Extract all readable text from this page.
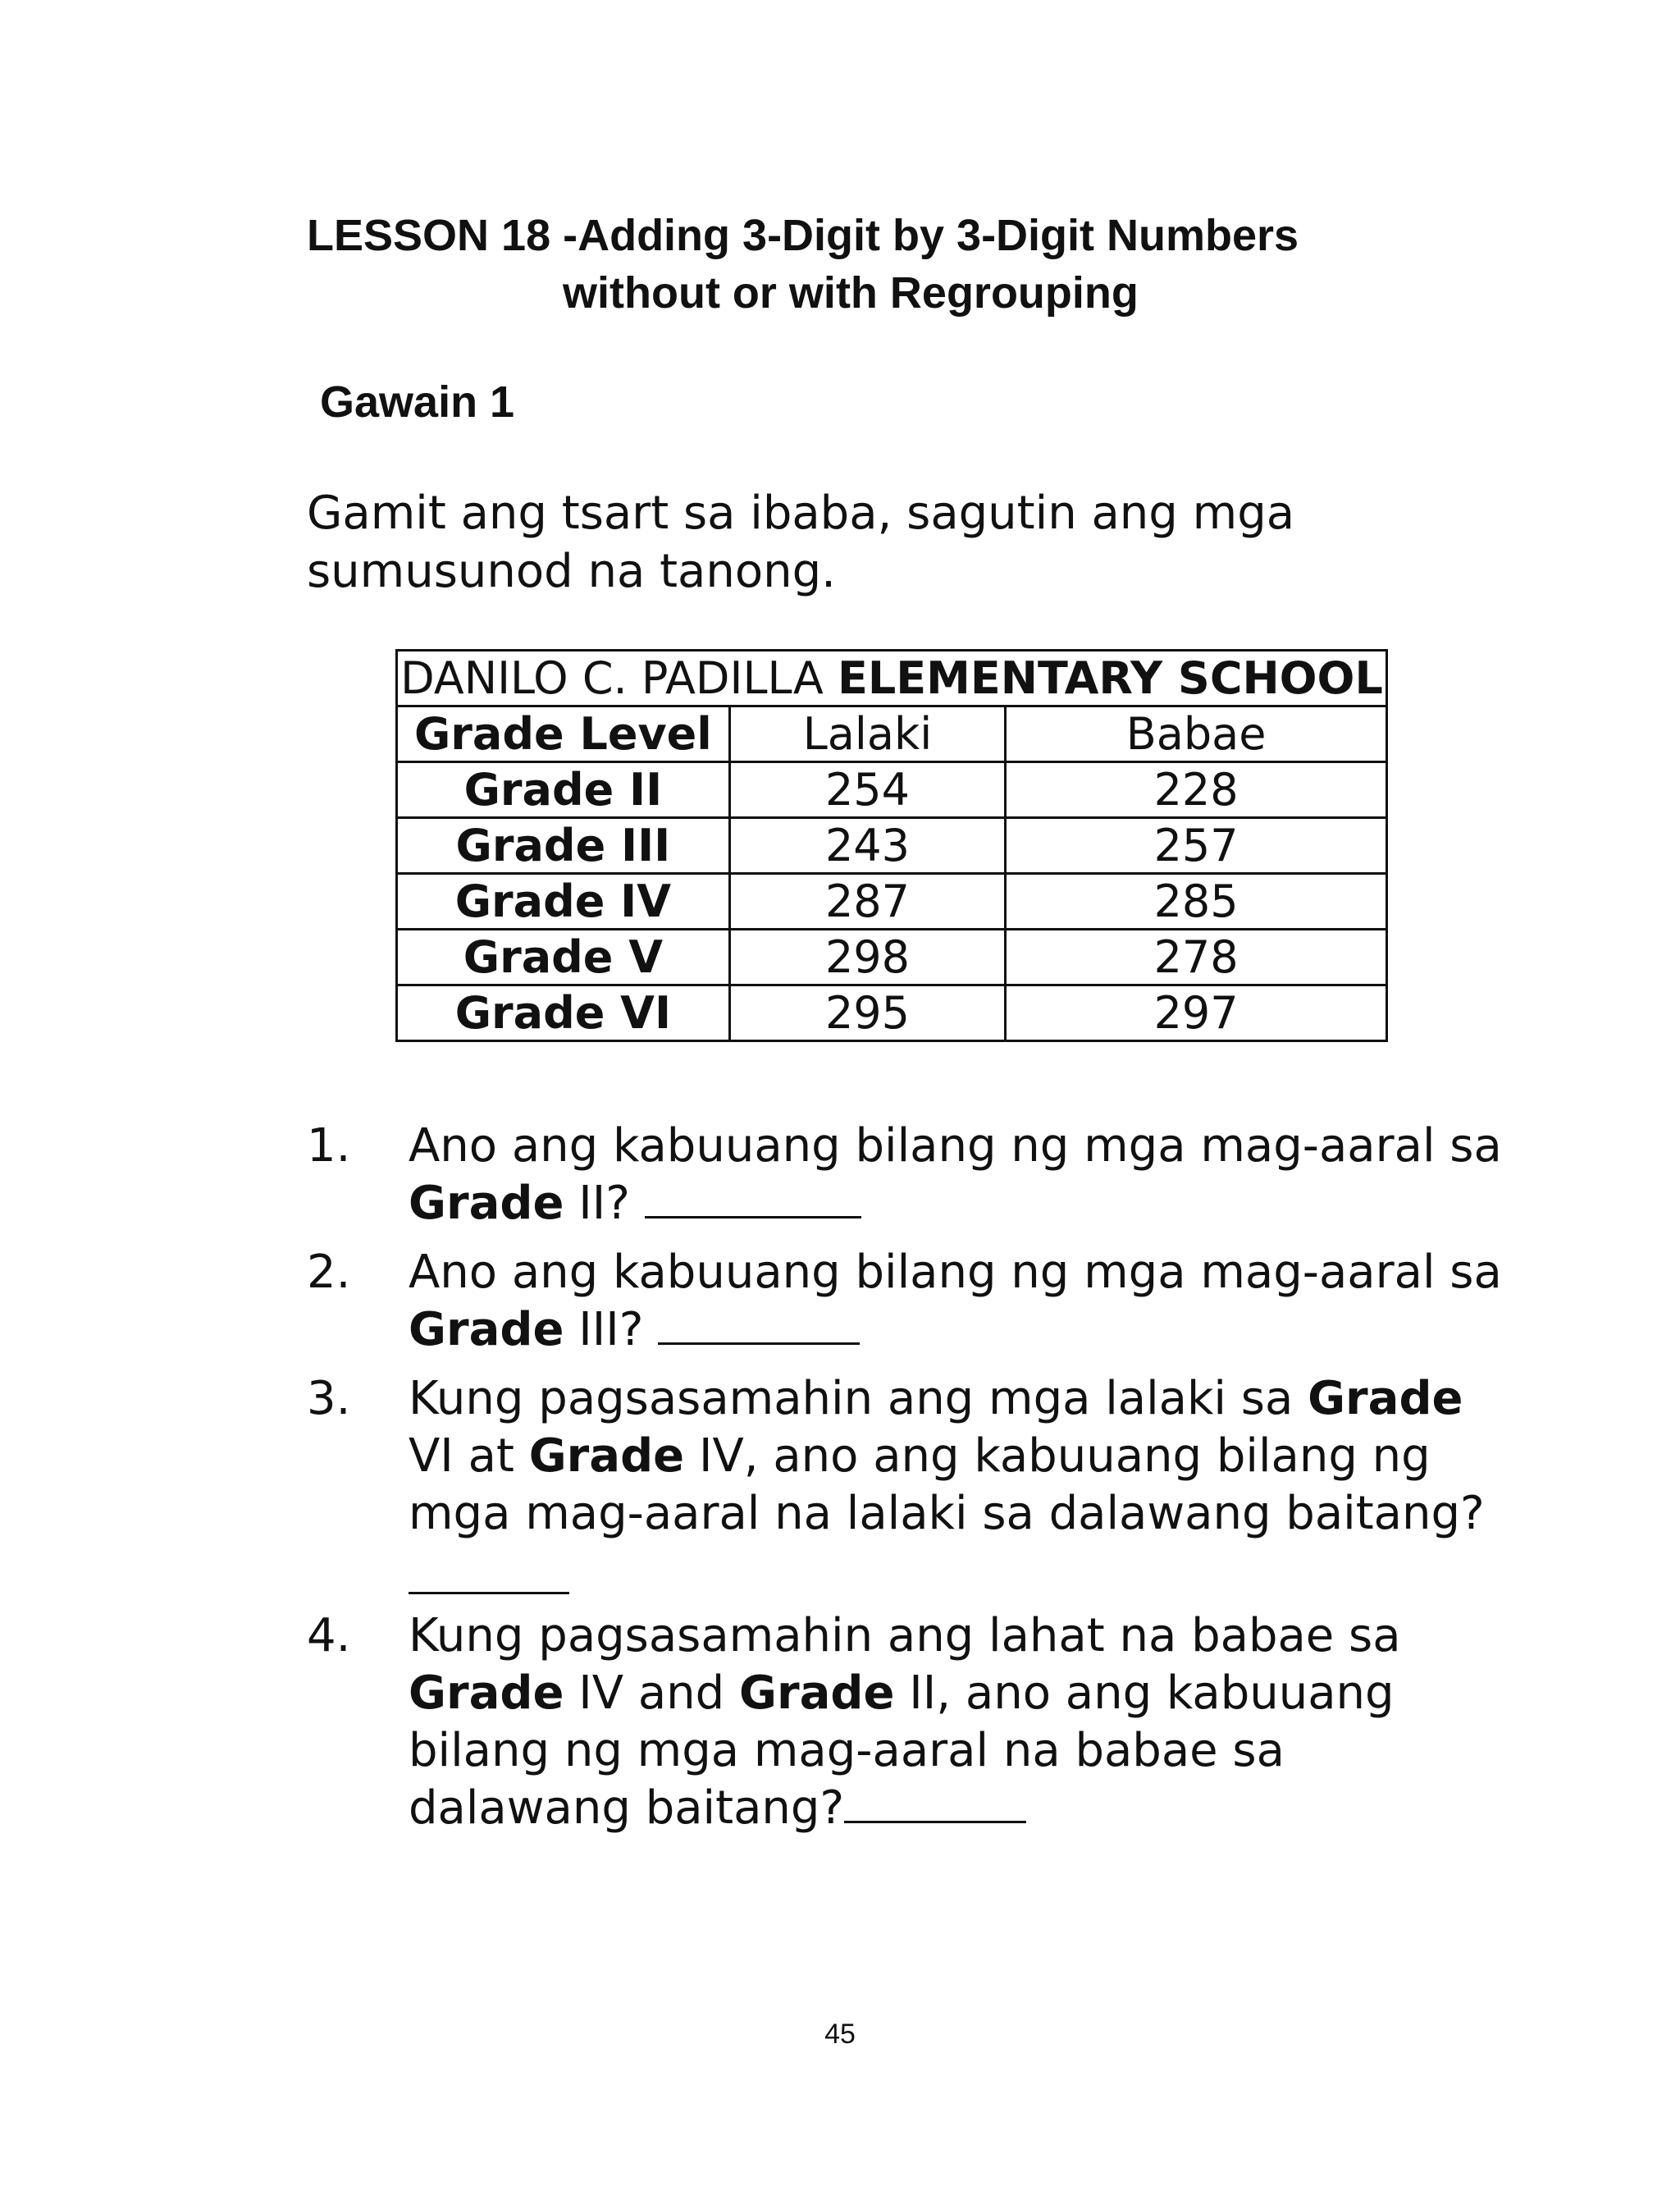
LESSON 18 -Adding 3-Digit by 3-Digit Numbers
without or with Regrouping
Gawain 1
Gamit ang tsart sa ibaba, sagutin ang mga sumusunod na tanong.
DANILO C. PADILLA ELEMENTARY SCHOOL		
Grade Level	Lalaki	Babae
Grade II	254	228
Grade III	243	257
Grade IV	287	285
Grade V	298	278
Grade VI	295	297
1. Ano ang kabuuang bilang ng mga mag-aaral sa Grade II?
2. Ano ang kabuuang bilang ng mga mag-aaral sa Grade III?
3. Kung pagsasamahin ang mga lalaki sa Grade VI at Grade IV, ano ang kabuuang bilang ng mga mag-aaral na lalaki sa dalawang baitang?
4. Kung pagsasamahin ang lahat na babae sa Grade IV and Grade II, ano ang kabuuang bilang ng mga mag-aaral na babae sa dalawang baitang?
45
